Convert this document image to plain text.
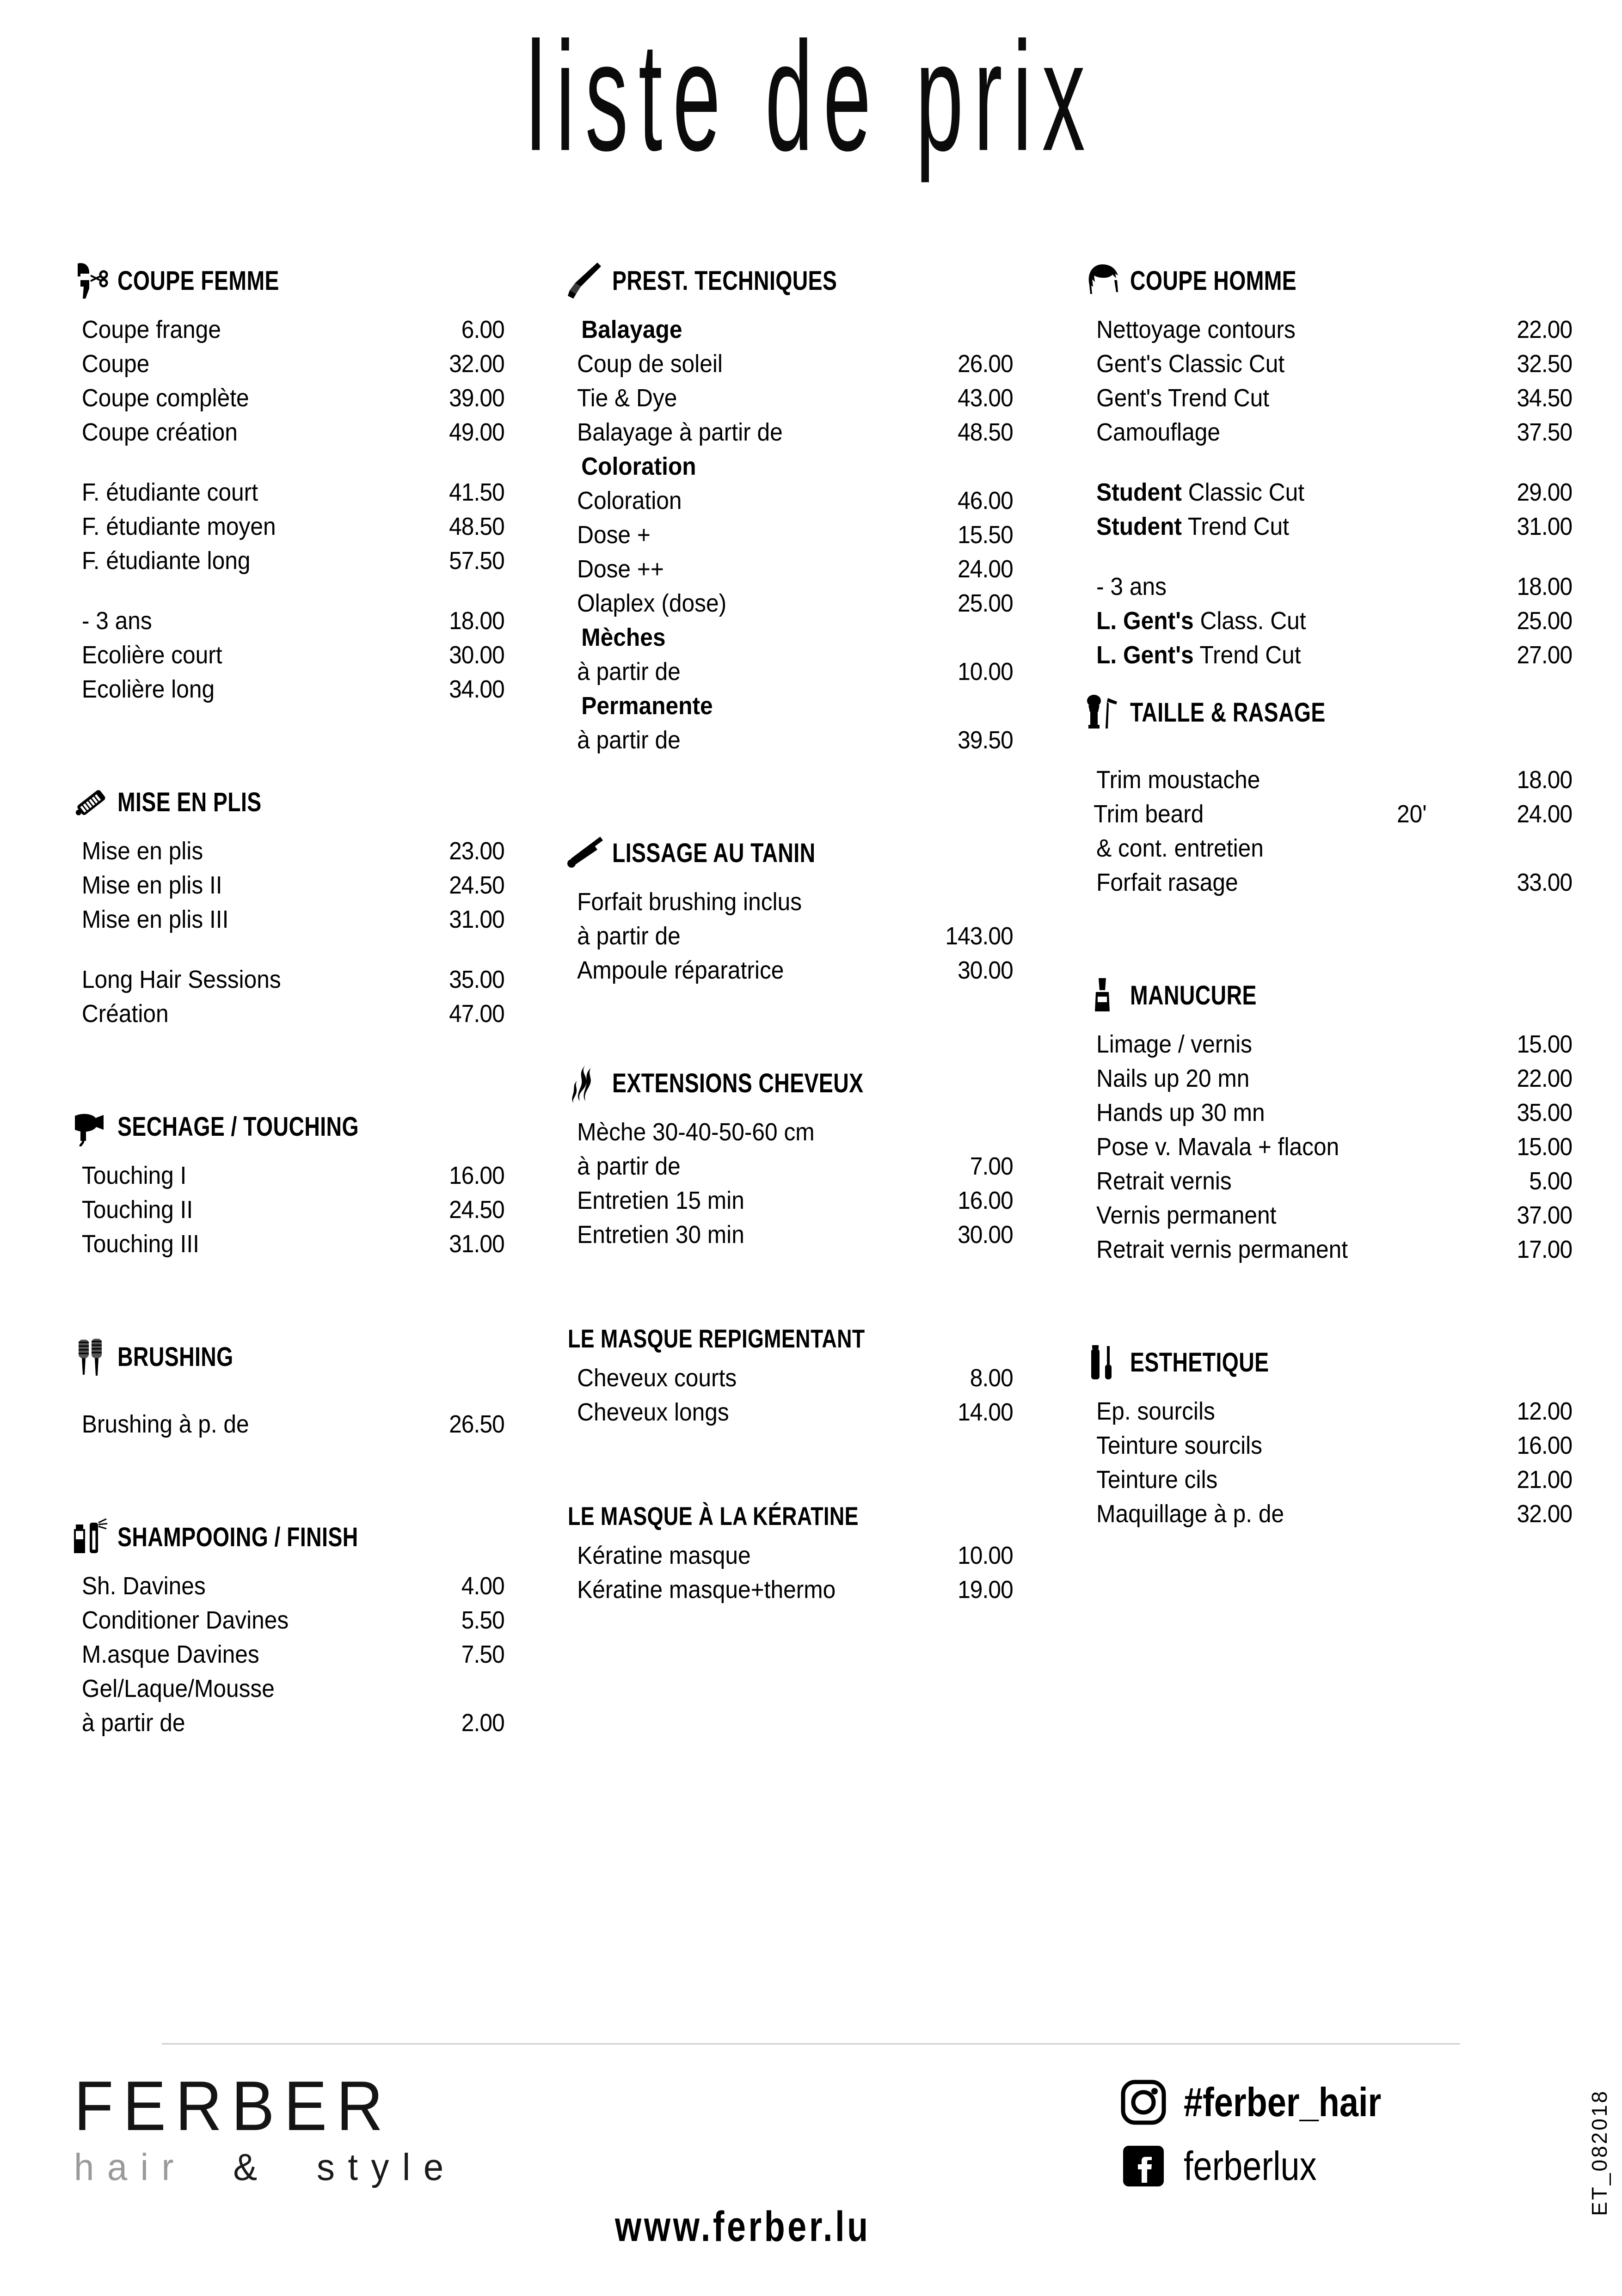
liste de prix
COUPE FEMME
Coupe frange	6.00
Coupe	32.00
Coupe complète	39.00
Coupe création	49.00
F. étudiante court	41.50
F. étudiante moyen	48.50
F. étudiante long	57.50
- 3 ans	18.00
Ecolière court	30.00
Ecolière long	34.00
MISE EN PLIS
Mise en plis	23.00
Mise en plis II	24.50
Mise en plis III	31.00
Long Hair Sessions	35.00
Création	47.00
SECHAGE / TOUCHING
Touching I	16.00
Touching II	24.50
Touching III	31.00
BRUSHING
Brushing à p. de	26.50
SHAMPOOING / FINISH
Sh. Davines	4.00
Conditioner Davines	5.50
M.asque Davines	7.50
Gel/Laque/Mousse
à partir de	2.00
PREST. TECHNIQUES
Balayage
Coup de soleil	26.00
Tie & Dye	43.00
Balayage à partir de	48.50
Coloration
Coloration	46.00
Dose +	15.50
Dose ++	24.00
Olaplex (dose)	25.00
Mèches
à partir de	10.00
Permanente
à partir de	39.50
LISSAGE AU TANIN
Forfait brushing inclus
à partir de	143.00
Ampoule réparatrice	30.00
EXTENSIONS CHEVEUX
Mèche 30-40-50-60 cm
à partir de	7.00
Entretien 15 min	16.00
Entretien 30 min	30.00
LE MASQUE REPIGMENTANT
Cheveux courts	8.00
Cheveux longs	14.00
LE MASQUE À LA KÉRATINE
Kératine masque	10.00
Kératine masque+thermo	19.00
COUPE HOMME
Nettoyage contours	22.00
Gent's Classic Cut	32.50
Gent's Trend Cut	34.50
Camouflage	37.50
Student Classic Cut	29.00
Student Trend Cut	31.00
- 3 ans	18.00
L. Gent's Class. Cut	25.00
L. Gent's Trend Cut	27.00
TAILLE & RASAGE
Trim moustache	18.00
Trim beard	20'	24.00
& cont. entretien
Forfait rasage	33.00
MANUCURE
Limage / vernis	15.00
Nails up 20 mn	22.00
Hands up 30 mn	35.00
Pose v. Mavala + flacon	15.00
Retrait vernis	5.00
Vernis permanent	37.00
Retrait vernis permanent	17.00
ESTHETIQUE
Ep. sourcils	12.00
Teinture sourcils	16.00
Teinture cils	21.00
Maquillage à p. de	32.00
FERBER
hair & style
www.ferber.lu
#ferber_hair
ferberlux	ET_082018
